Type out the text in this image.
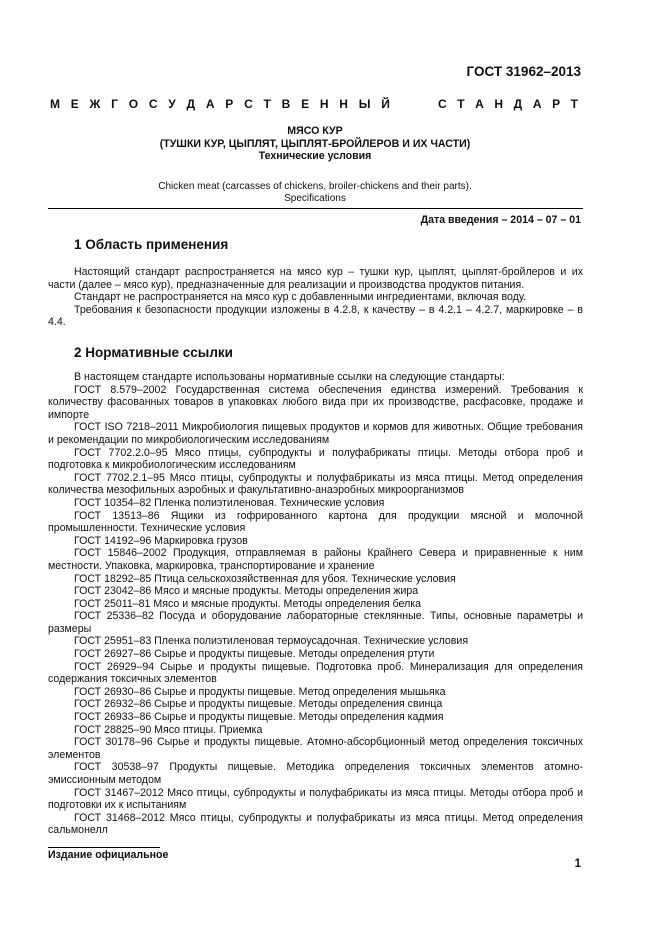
ГОСТ 31962–2013
М Е Ж Г О С У Д А Р С Т В Е Н Н Ы Й	С Т А Н Д А Р Т
МЯСО КУР
(ТУШКИ КУР, ЦЫПЛЯТ, ЦЫПЛЯТ-БРОЙЛЕРОВ И ИХ ЧАСТИ)
Технические условия
Chicken meat (carcasses of chickens, broiler-chickens and their parts).
Specifications
Дата введения – 2014 – 07 – 01
1 Область применения

Настоящий стандарт распространяется на мясо кур – тушки кур, цыплят, цыплят-бройлеров и их части (далее – мясо кур), предназначенные для реализации и производства продуктов питания.

Стандарт не распространяется на мясо кур с добавленными ингредиентами, включая воду.

Требования к безопасности продукции изложены в 4.2.8, к качеству – в 4.2.1 – 4.2.7, маркировке – в 4.4.

2 Нормативные ссылки

В настоящем стандарте использованы нормативные ссылки на следующие стандарты:

ГОСТ 8.579–2002 Государственная система обеспечения единства измерений. Требования к количеству фасованных товаров в упаковках любого вида при их производстве, расфасовке, продаже и импорте

ГОСТ ISO 7218–2011 Микробиология пищевых продуктов и кормов для животных. Общие требования и рекомендации по микробиологическим исследованиям

ГОСТ 7702.2.0–95 Мясо птицы, субпродукты и полуфабрикаты птицы. Методы отбора проб и подготовка к микробиологическим исследованиям

ГОСТ 7702.2.1–95 Мясо птицы, субпродукты и полуфабрикаты из мяса птицы. Метод определения количества мезофильных аэробных и факультативно-анаэробных микроорганизмов

ГОСТ 10354–82 Пленка полиэтиленовая. Технические условия

ГОСТ 13513–86 Ящики из гофрированного картона для продукции мясной и молочной промышленности. Технические условия

ГОСТ 14192–96 Маркировка грузов

ГОСТ 15846–2002 Продукция, отправляемая в районы Крайнего Севера и приравненные к ним местности. Упаковка, маркировка, транспортирование и хранение

ГОСТ 18292–85 Птица сельскохозяйственная для убоя. Технические условия

ГОСТ 23042–86 Мясо и мясные продукты. Методы определения жира

ГОСТ 25011–81 Мясо и мясные продукты. Методы определения белка

ГОСТ 25336–82 Посуда и оборудование лабораторные стеклянные. Типы, основные параметры и размеры

ГОСТ 25951–83 Пленка полиэтиленовая термоусадочная. Технические условия

ГОСТ 26927–86 Сырье и продукты пищевые. Методы определения ртути

ГОСТ 26929–94 Сырье и продукты пищевые. Подготовка проб. Минерализация для определения содержания токсичных элементов

ГОСТ 26930–86 Сырье и продукты пищевые. Метод определения мышьяка

ГОСТ 26932–86 Сырье и продукты пищевые. Методы определения свинца

ГОСТ 26933–86 Сырье и продукты пищевые. Методы определения кадмия

ГОСТ 28825–90 Мясо птицы. Приемка

ГОСТ 30178–96 Сырье и продукты пищевые. Атомно-абсорбционный метод определения токсичных элементов

ГОСТ 30538–97 Продукты пищевые. Методика определения токсичных элементов атомно-эмиссионным методом

ГОСТ 31467–2012 Мясо птицы, субпродукты и полуфабрикаты из мяса птицы. Методы отбора проб и подготовки их к испытаниям

ГОСТ 31468–2012 Мясо птицы, субпродукты и полуфабрикаты из мяса птицы. Метод определения сальмонелл

Издание официальное
1
